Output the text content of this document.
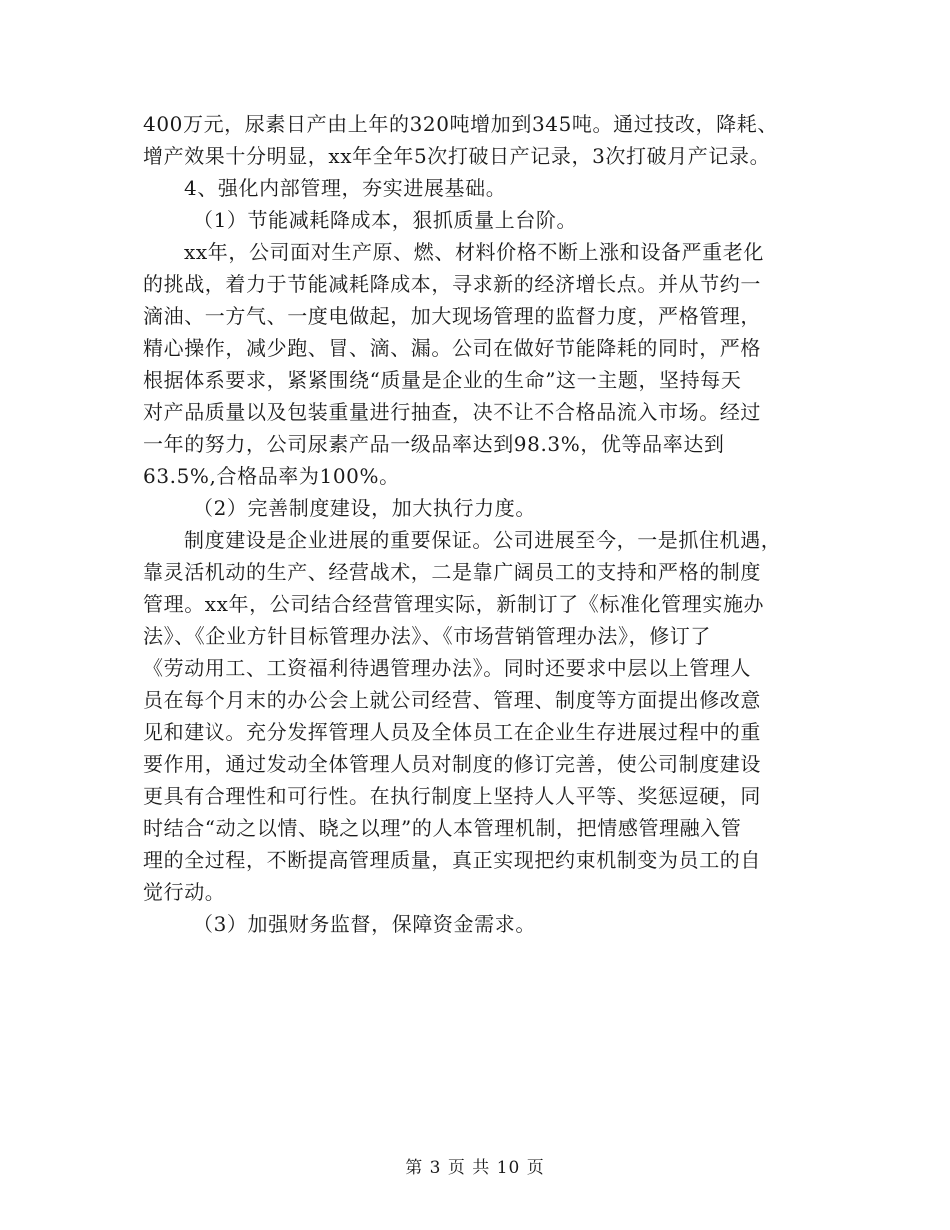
400万元，尿素日产由上年的320吨增加到345吨。通过技改，降耗、
增产效果十分明显，xx年全年5次打破日产记录，3次打破月产记录。
4、强化内部管理，夯实进展基础。
（1）节能减耗降成本，狠抓质量上台阶。
xx年，公司面对生产原、燃、材料价格不断上涨和设备严重老化
的挑战，着力于节能减耗降成本，寻求新的经济增长点。并从节约一
滴油、一方气、一度电做起，加大现场管理的监督力度，严格管理，
精心操作，减少跑、冒、滴、漏。公司在做好节能降耗的同时，严格
根据体系要求，紧紧围绕“质量是企业的生命”这一主题，坚持每天
对产品质量以及包装重量进行抽查，决不让不合格品流入市场。经过
一年的努力，公司尿素产品一级品率达到98.3%，优等品率达到
63.5%,合格品率为100%。
（2）完善制度建设，加大执行力度。
制度建设是企业进展的重要保证。公司进展至今，一是抓住机遇，
靠灵活机动的生产、经营战术，二是靠广阔员工的支持和严格的制度
管理。xx年，公司结合经营管理实际，新制订了《标准化管理实施办
法》、《企业方针目标管理办法》、《市场营销管理办法》，修订了
《劳动用工、工资福利待遇管理办法》。同时还要求中层以上管理人
员在每个月末的办公会上就公司经营、管理、制度等方面提出修改意
见和建议。充分发挥管理人员及全体员工在企业生存进展过程中的重
要作用，通过发动全体管理人员对制度的修订完善，使公司制度建设
更具有合理性和可行性。在执行制度上坚持人人平等、奖惩逗硬，同
时结合“动之以情、晓之以理”的人本管理机制，把情感管理融入管
理的全过程，不断提高管理质量，真正实现把约束机制变为员工的自
觉行动。
（3）加强财务监督，保障资金需求。
第 3 页 共 10 页
